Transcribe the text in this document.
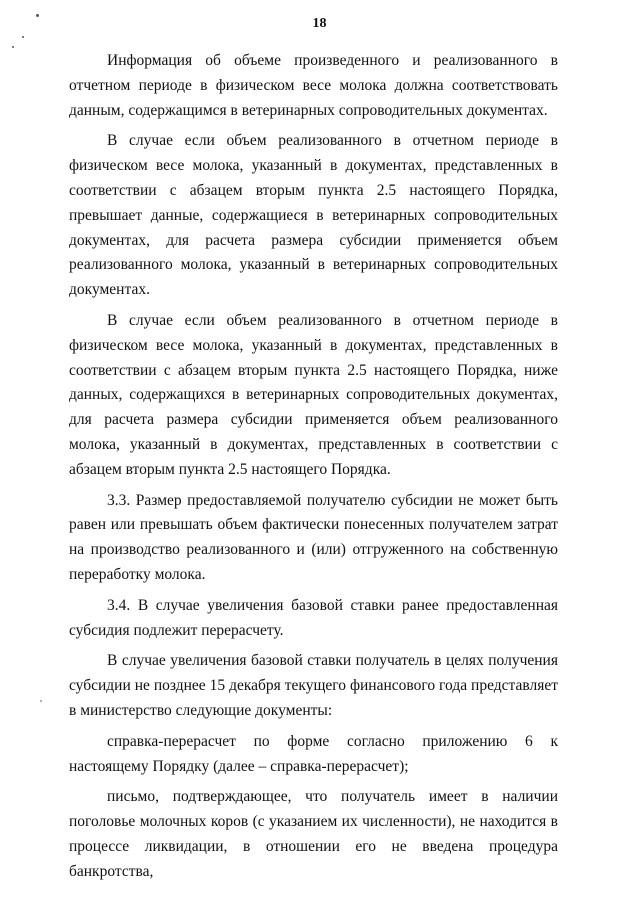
18

Информация об объеме произведенного и реализованного в отчетном периоде в физическом весе молока должна соответствовать данным, содержащимся в ветеринарных сопроводительных документах.

В случае если объем реализованного в отчетном периоде в физическом весе молока, указанный в документах, представленных в соответствии с абзацем вторым пункта 2.5 настоящего Порядка, превышает данные, содержащиеся в ветеринарных сопроводительных документах, для расчета размера субсидии применяется объем реализованного молока, указанный в ветеринарных сопроводительных документах.

В случае если объем реализованного в отчетном периоде в физическом весе молока, указанный в документах, представленных в соответствии с абзацем вторым пункта 2.5 настоящего Порядка, ниже данных, содержащихся в ветеринарных сопроводительных документах, для расчета размера субсидии применяется объем реализованного молока, указанный в документах, представленных в соответствии с абзацем вторым пункта 2.5 настоящего Порядка.

3.3. Размер предоставляемой получателю субсидии не может быть равен или превышать объем фактически понесенных получателем затрат на производство реализованного и (или) отгруженного на собственную переработку молока.

3.4. В случае увеличения базовой ставки ранее предоставленная субсидия подлежит перерасчету.

В случае увеличения базовой ставки получатель в целях получения субсидии не позднее 15 декабря текущего финансового года представляет в министерство следующие документы:

справка-перерасчет по форме согласно приложению 6 к настоящему Порядку (далее – справка-перерасчет);

письмо, подтверждающее, что получатель имеет в наличии поголовье молочных коров (с указанием их численности), не находится в процессе ликвидации, в отношении его не введена процедура банкротства,
